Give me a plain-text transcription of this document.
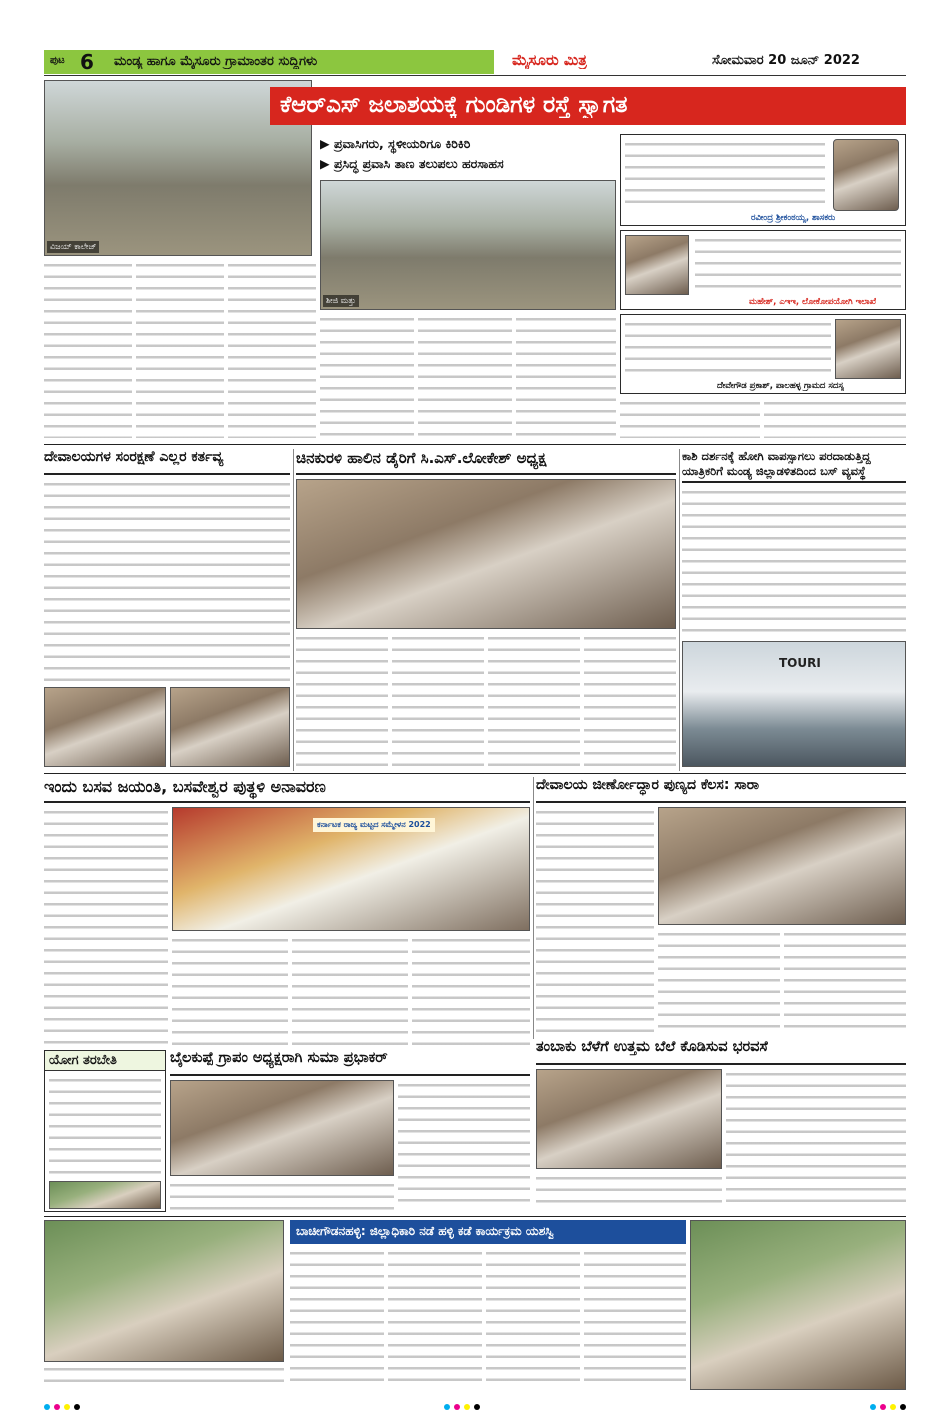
ಪುಟ 6 ಮಂಡ್ಯ ಹಾಗೂ ಮೈಸೂರು ಗ್ರಾಮಾಂತರ ಸುದ್ದಿಗಳು	ಮೈಸೂರು ಮಿತ್ರ	ಸೋಮವಾರ 20 ಜೂನ್ 2022
ವಿಜಯ್ ಕಾಲೇಜ್
ಕೆಆರ್‌ಎಸ್ ಜಲಾಶಯಕ್ಕೆ ಗುಂಡಿಗಳ ರಸ್ತೆ ಸ್ವಾಗತ
▶ ಪ್ರವಾಸಿಗರು, ಸ್ಥಳೀಯರಿಗೂ ಕಿರಿಕಿರಿ
▶ ಪ್ರಸಿದ್ಧ ಪ್ರವಾಸಿ ತಾಣ ತಲುಪಲು ಹರಸಾಹಸ
ಶೀಜಿ ಮತ್ತು
ರವೀಂದ್ರ ಶ್ರೀಕಂಠಯ್ಯ, ಶಾಸಕರು
ಮಹೇಶ್, ಎಇಇ, ಲೋಕೋಪಯೋಗಿ ಇಲಾಖೆ
ದೇವೇಗೌಡ ಪ್ರಕಾಶ್, ಪಾಲಹಳ್ಳ ಗ್ರಾಮದ ಸದಸ್ಯ
ದೇವಾಲಯಗಳ ಸಂರಕ್ಷಣೆ ಎಲ್ಲರ ಕರ್ತವ್ಯ	ಚಿನಕುರಳಿ ಹಾಲಿನ ಡೈರಿಗೆ ಸಿ.ಎಸ್.ಲೋಕೇಶ್ ಅಧ್ಯಕ್ಷ	ಕಾಶಿ ದರ್ಶನಕ್ಕೆ ಹೋಗಿ ವಾಪಸ್ಸಾಗಲು ಪರದಾಡುತ್ತಿದ್ದ ಯಾತ್ರಿಕರಿಗೆ ಮಂಡ್ಯ ಜಿಲ್ಲಾಡಳಿತದಿಂದ ಬಸ್ ವ್ಯವಸ್ಥೆ
TOURI
ಇಂದು ಬಸವ ಜಯಂತಿ, ಬಸವೇಶ್ವರ ಪುತ್ಥಳಿ ಅನಾವರಣ
ಕರ್ನಾಟಕ ರಾಜ್ಯ ಮಟ್ಟದ ಸಮ್ಮೇಳನ 2022
ದೇವಾಲಯ ಜೀರ್ಣೋದ್ಧಾರ ಪುಣ್ಯದ ಕೆಲಸ: ಸಾರಾ
ಯೋಗ ತರಬೇತಿ	ಬೈಲಕುಪ್ಪೆ ಗ್ರಾಪಂ ಅಧ್ಯಕ್ಷರಾಗಿ ಸುಮಾ ಪ್ರಭಾಕರ್
ತಂಬಾಕು ಬೆಳೆಗೆ ಉತ್ತಮ ಬೆಲೆ ಕೊಡಿಸುವ ಭರವಸೆ
ಬಾಚೀಗೌಡನಹಳ್ಳಿ: ಜಿಲ್ಲಾಧಿಕಾರಿ ನಡೆ ಹಳ್ಳಿ ಕಡೆ ಕಾರ್ಯಕ್ರಮ ಯಶಸ್ವಿ
